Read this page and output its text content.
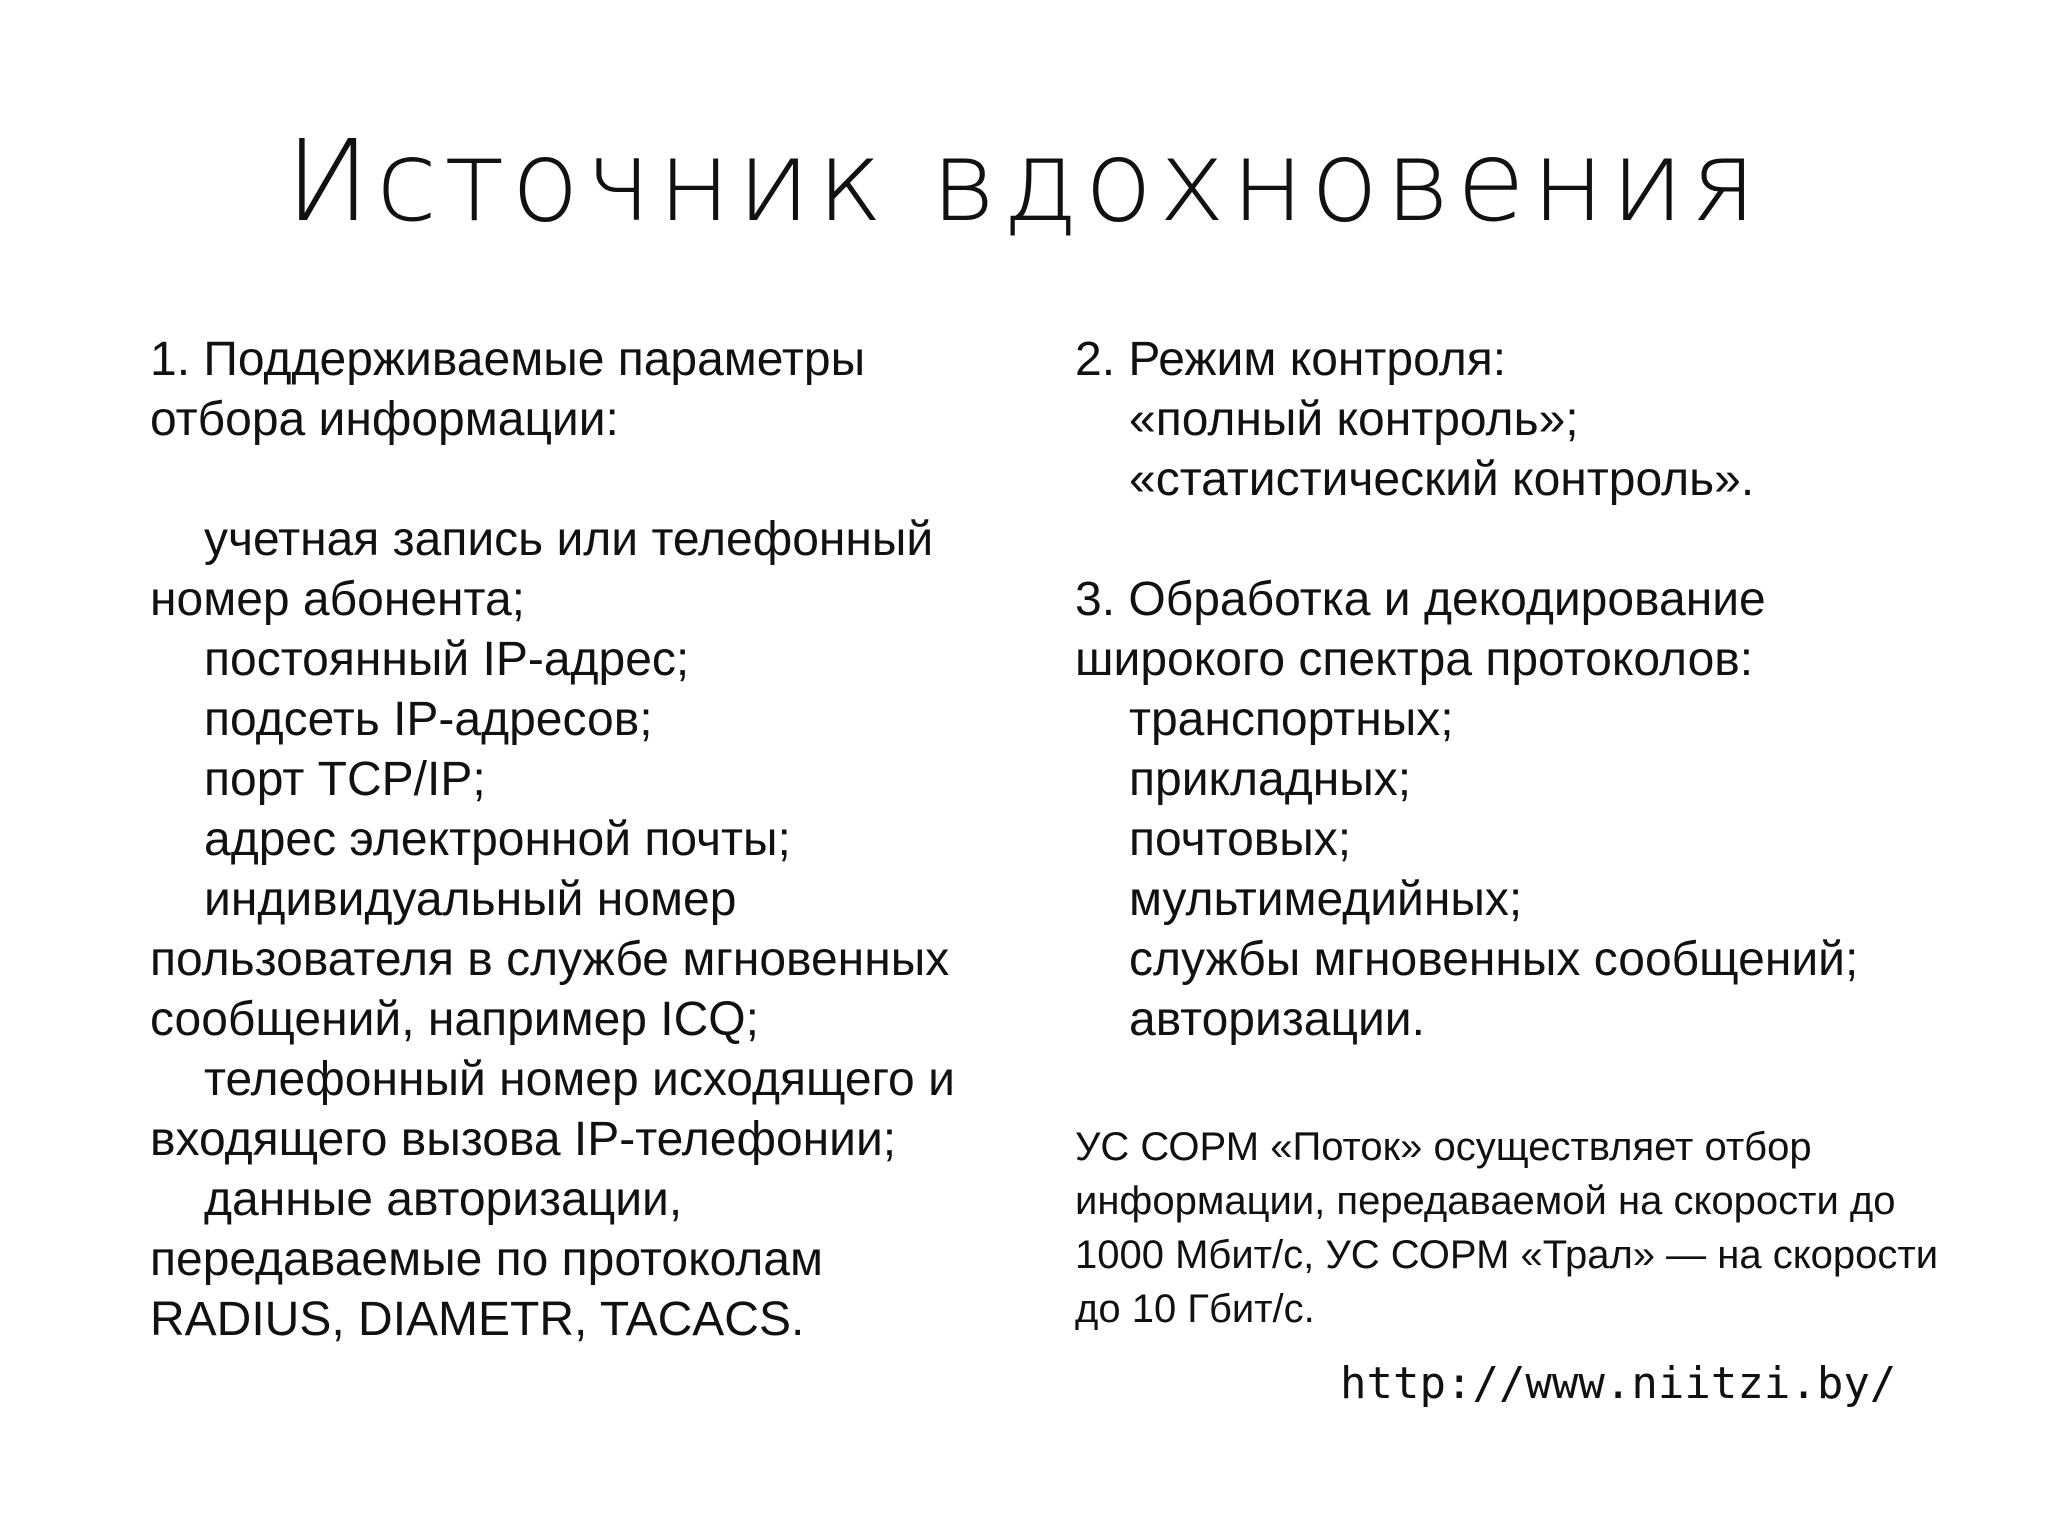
Источник вдохновения
1. Поддерживаемые параметры
отбора информации:
учетная запись или телефонный
номер абонента;
постоянный IP-адрес;
подсеть IP-адресов;
порт TCP/IP;
адрес электронной почты;
индивидуальный номер
пользователя в службе мгновенных
сообщений, например ICQ;
телефонный номер исходящего и
входящего вызова IP-телефонии;
данные авторизации,
передаваемые по протоколам
RADIUS, DIAMETR, TACACS.
2. Режим контроля:
«полный контроль»;
«статистический контроль».
3. Обработка и декодирование
широкого спектра протоколов:
транспортных;
прикладных;
почтовых;
мультимедийных;
службы мгновенных сообщений;
авторизации.
УС СОРМ «Поток» осуществляет отбор
информации, передаваемой на скорости до
1000 Мбит/с, УС СОРМ «Трал» — на скорости
до 10 Гбит/с.
http://www.niitzi.by/
